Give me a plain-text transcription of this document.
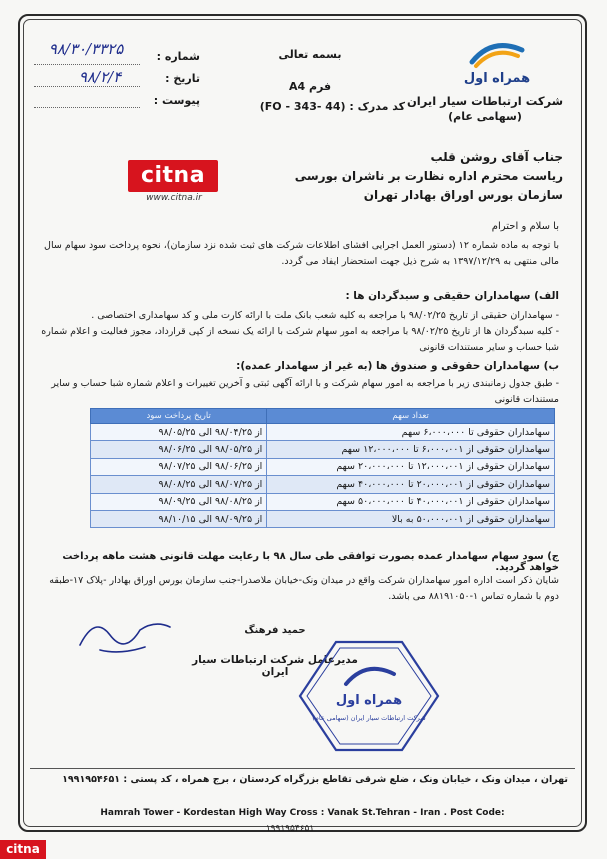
همراه اول
شرکت ارتباطات سیار ایران
(سهامی عام)
بسمه تعالی
فرم A4
کد مدرک : (FO - 343- 44)
شماره :
۹۸/۳۰/۳۳۲۵
تاریخ :
۹۸/۲/۴
پیوست :
citna
www.citna.ir
جناب آقای روشن قلب
ریاست محترم اداره نظارت بر ناشران بورسی
سازمان بورس اوراق بهادار تهران
با سلام و احترام
با توجه به ماده شماره ۱۲ (دستور العمل اجرایی افشای اطلاعات شرکت های ثبت شده نزد سازمان)، نحوه پرداخت سود سهام سال مالی منتهی به ۱۳۹۷/۱۲/۲۹ به شرح ذیل جهت استحضار ایفاد می گردد.
الف) سهامداران حقیقی و سبدگردان ها :
- سهامداران حقیقی از تاریخ ۹۸/۰۲/۲۵ با مراجعه به کلیه شعب بانک ملت با ارائه کارت ملی و کد سهامداری اختصاصی .
- کلیه سبدگردان ها از تاریخ ۹۸/۰۲/۲۵ با مراجعه به امور سهام شرکت با ارائه یک نسخه از کپی قرارداد، مجوز فعالیت و اعلام شماره شبا حساب و سایر مستندات قانونی
ب) سهامداران حقوقی و صندوق ها (به غیر از سهامدار عمده):
- طبق جدول زمانبندی زیر با مراجعه به امور سهام شرکت و با ارائه آگهی ثبتی و آخرین تغییرات و اعلام شماره شبا حساب و سایر مستندات قانونی
تعداد سهم	تاریخ پرداخت سود
سهامداران حقوقی تا ۶،۰۰۰،۰۰۰ سهم	از ۹۸/۰۴/۲۵ الی ۹۸/۰۵/۲۵
سهامداران حقوقی از ۶،۰۰۰،۰۰۱ تا ۱۲،۰۰۰،۰۰۰ سهم	از ۹۸/۰۵/۲۵ الی ۹۸/۰۶/۲۵
سهامداران حقوقی از ۱۲،۰۰۰،۰۰۱ تا ۲۰،۰۰۰،۰۰۰ سهم	از ۹۸/۰۶/۲۵ الی ۹۸/۰۷/۲۵
سهامداران حقوقی از ۲۰،۰۰۰،۰۰۱ تا ۴۰،۰۰۰،۰۰۰ سهم	از ۹۸/۰۷/۲۵ الی ۹۸/۰۸/۲۵
سهامداران حقوقی از ۴۰،۰۰۰،۰۰۱ تا ۵۰،۰۰۰،۰۰۰ سهم	از ۹۸/۰۸/۲۵ الی ۹۸/۰۹/۲۵
سهامداران حقوقی از ۵۰،۰۰۰،۰۰۱ به بالا	از ۹۸/۰۹/۲۵ الی ۹۸/۱۰/۱۵
ج) سود سهام سهامدار عمده بصورت توافقی طی سال ۹۸ با رعایت مهلت قانونی هشت ماهه پرداخت خواهد گردید.
شایان ذکر است اداره امور سهامداران شرکت واقع در میدان ونک-خیابان ملاصدرا-جنب سازمان بورس اوراق بهادار -پلاک ۱۷-طبقه دوم با شماره تماس ۱-۸۸۱۹۱۰۵۰ می باشد.
حمید فرهنگ
مدیرعامل شرکت ارتباطات سیار ایران
همراه اول
شرکت ارتباطات سیار ایران (سهامی عام)
تهران ، میدان ونک ، خیابان ونک ، ضلع شرقی تقاطع بزرگراه کردستان ، برج همراه ، کد پستی : ۱۹۹۱۹۵۴۶۵۱
Hamrah Tower - Kordestan High Way Cross : Vanak St.Tehran - Iran . Post Code:
۱۹۹۱۹۵۴۶۵۱
citna
